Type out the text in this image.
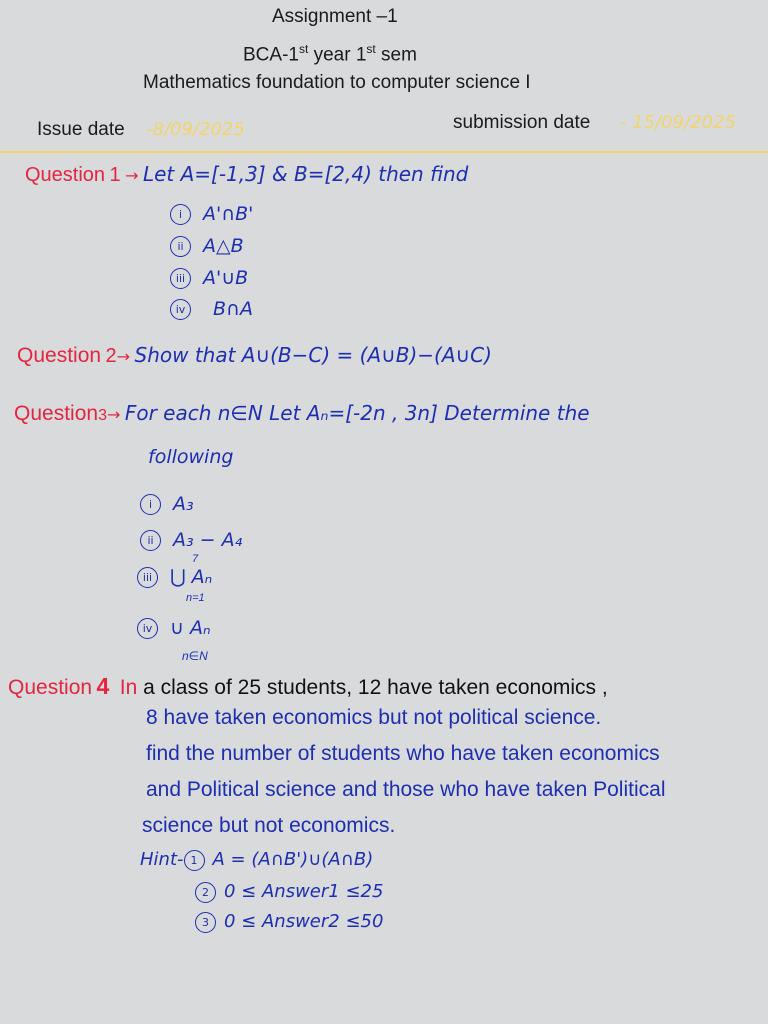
Assignment –1
BCA-1st year 1st sem
Mathematics foundation to computer science I
Issue date -8/09/2025	submission date - 15/09/2025
Question 1 → Let A=[-1,3] & B=[2,4) then find
i A'∩B'
ii A△B
iii A'∪B
iv B∩A
Question 2→ Show that A∪(B−C) = (A∪B)−(A∪C)
Question3→ For each n∈N Let Aₙ=[-2n , 3n] Determine the
following
i A₃
ii A₃ − A₄
iii ⋃ Aₙ
7
n=1
iv ∪ Aₙ
n∈N
Question 4 In a class of 25 students, 12 have taken economics ,
8 have taken economics but not political science.
find the number of students who have taken economics
and Political science and those who have taken Political
science but not economics.
Hint- 1 A = (A∩B')∪(A∩B)
2 0 ≤ Answer1 ≤25
3 0 ≤ Answer2 ≤50
